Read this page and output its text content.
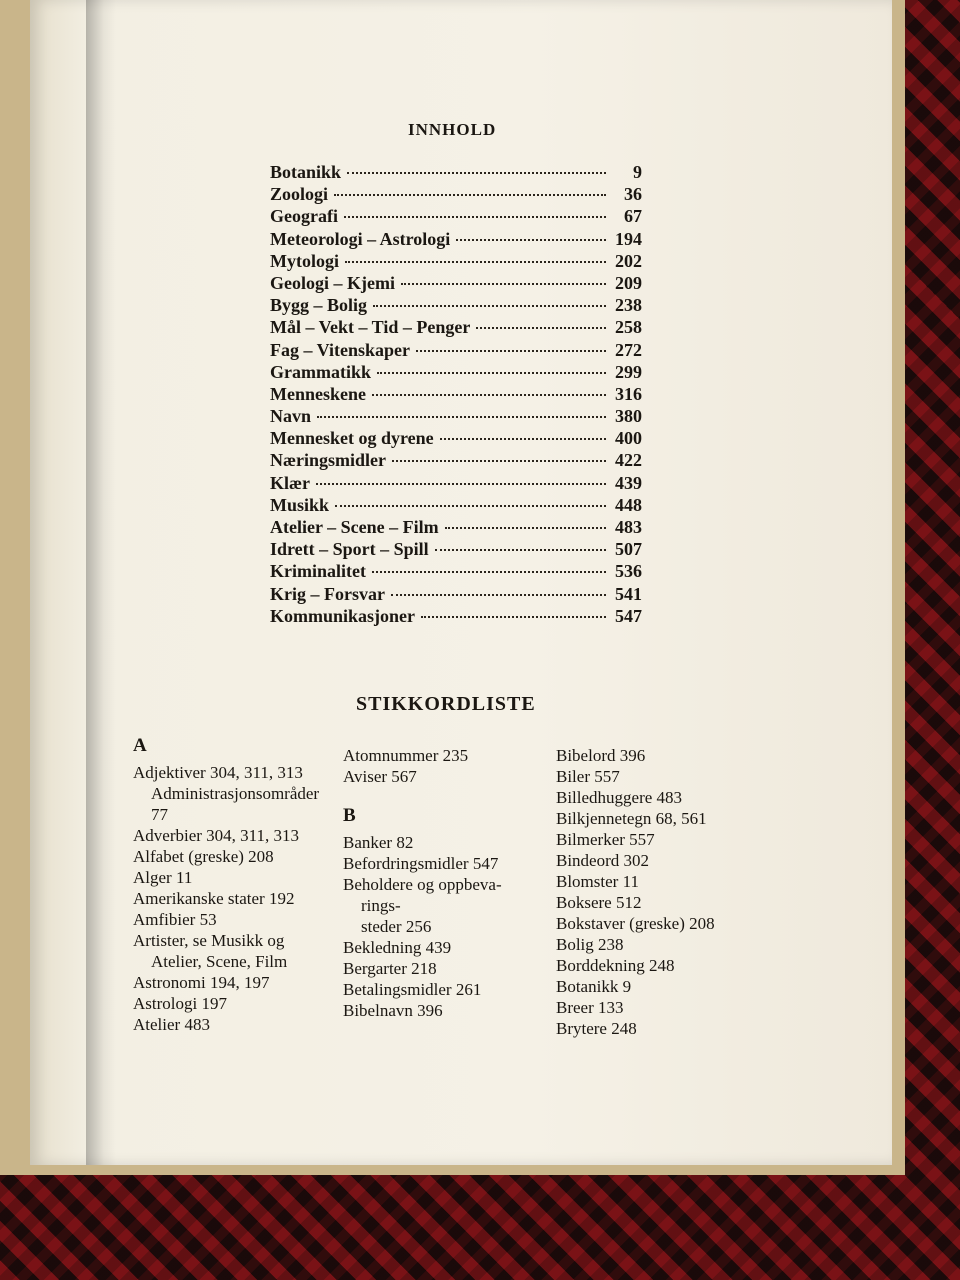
INNHOLD
Botanikk	9
Zoologi	36
Geografi	67
Meteorologi – Astrologi	194
Mytologi	202
Geologi – Kjemi	209
Bygg – Bolig	238
Mål – Vekt – Tid – Penger	258
Fag – Vitenskaper	272
Grammatikk	299
Menneskene	316
Navn	380
Mennesket og dyrene	400
Næringsmidler	422
Klær	439
Musikk	448
Atelier – Scene – Film	483
Idrett – Sport – Spill	507
Kriminalitet	536
Krig – Forsvar	541
Kommunikasjoner	547
STIKKORDLISTE
A
Adjektiver 304, 311, 313
Administrasjonsområder
77
Adverbier 304, 311, 313
Alfabet (greske) 208
Alger 11
Amerikanske stater 192
Amfibier 53
Artister, se Musikk og
Atelier, Scene, Film
Astronomi 194, 197
Astrologi 197
Atelier 483
Atomnummer 235
Aviser 567
B
Banker 82
Befordringsmidler 547
Beholdere og oppbeva-
rings-
steder 256
Bekledning 439
Bergarter 218
Betalingsmidler 261
Bibelnavn 396
Bibelord 396
Biler 557
Billedhuggere 483
Bilkjennetegn 68, 561
Bilmerker 557
Bindeord 302
Blomster 11
Boksere 512
Bokstaver (greske) 208
Bolig 238
Borddekning 248
Botanikk 9
Breer 133
Brytere 248
